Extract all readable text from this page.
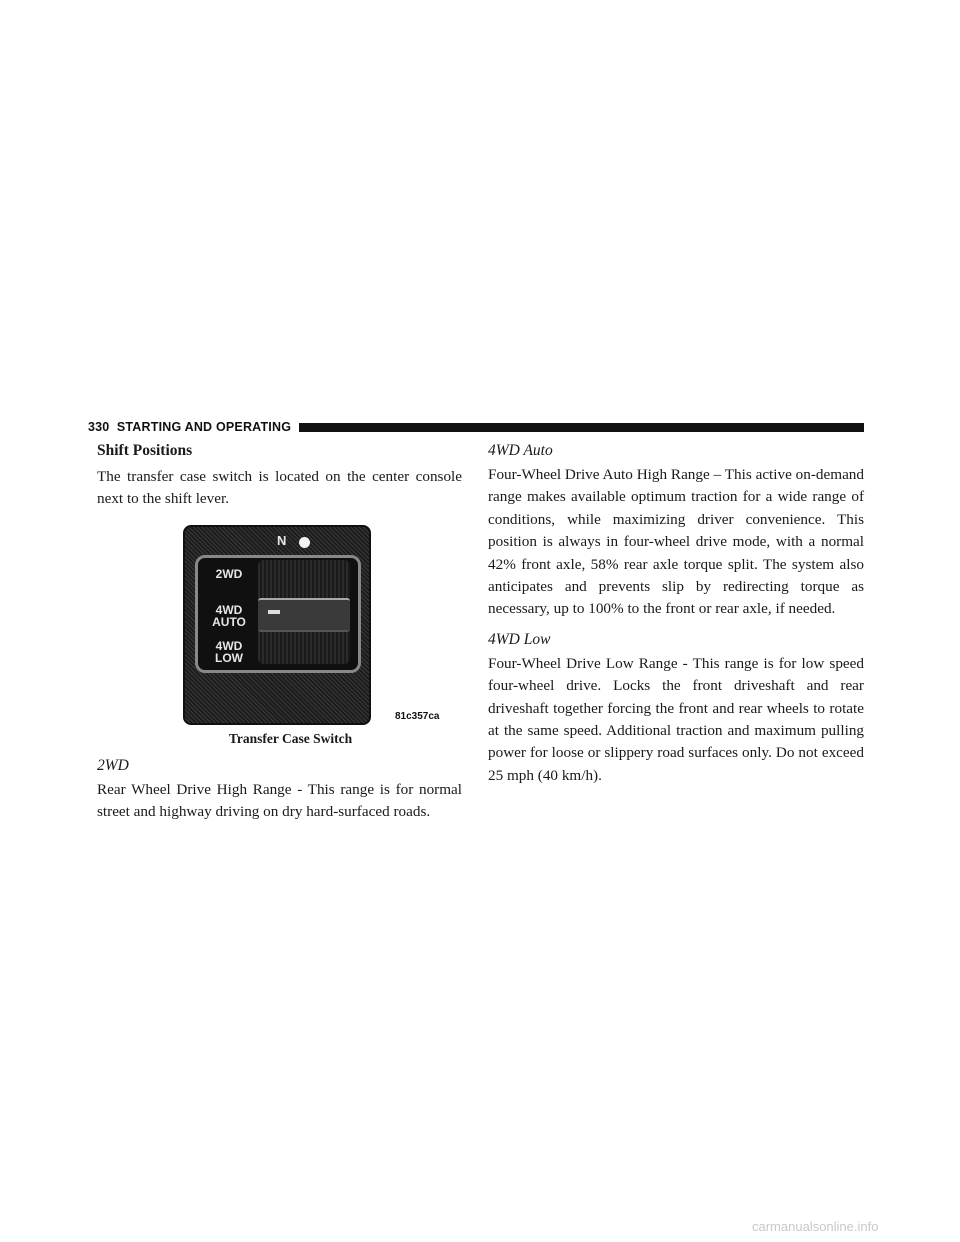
330 STARTING AND OPERATING

Shift Positions

The transfer case switch is located on the center console next to the shift lever.

2WD
4WD AUTO
4WD LOW
N
81c357ca

Transfer Case Switch

2WD

Rear Wheel Drive High Range - This range is for normal street and highway driving on dry hard-surfaced roads.

4WD Auto

Four-Wheel Drive Auto High Range – This active on-demand range makes available optimum traction for a wide range of conditions, while maximizing driver convenience. This position is always in four-wheel drive mode, with a normal 42% front axle, 58% rear axle torque split. The system also anticipates and prevents slip by redirecting torque as necessary, up to 100% to the front or rear axle, if needed.

4WD Low

Four-Wheel Drive Low Range - This range is for low speed four-wheel drive. Locks the front driveshaft and rear driveshaft together forcing the front and rear wheels to rotate at the same speed. Additional traction and maximum pulling power for loose or slippery road surfaces only. Do not exceed 25 mph (40 km/h).

carmanualsonline.info
